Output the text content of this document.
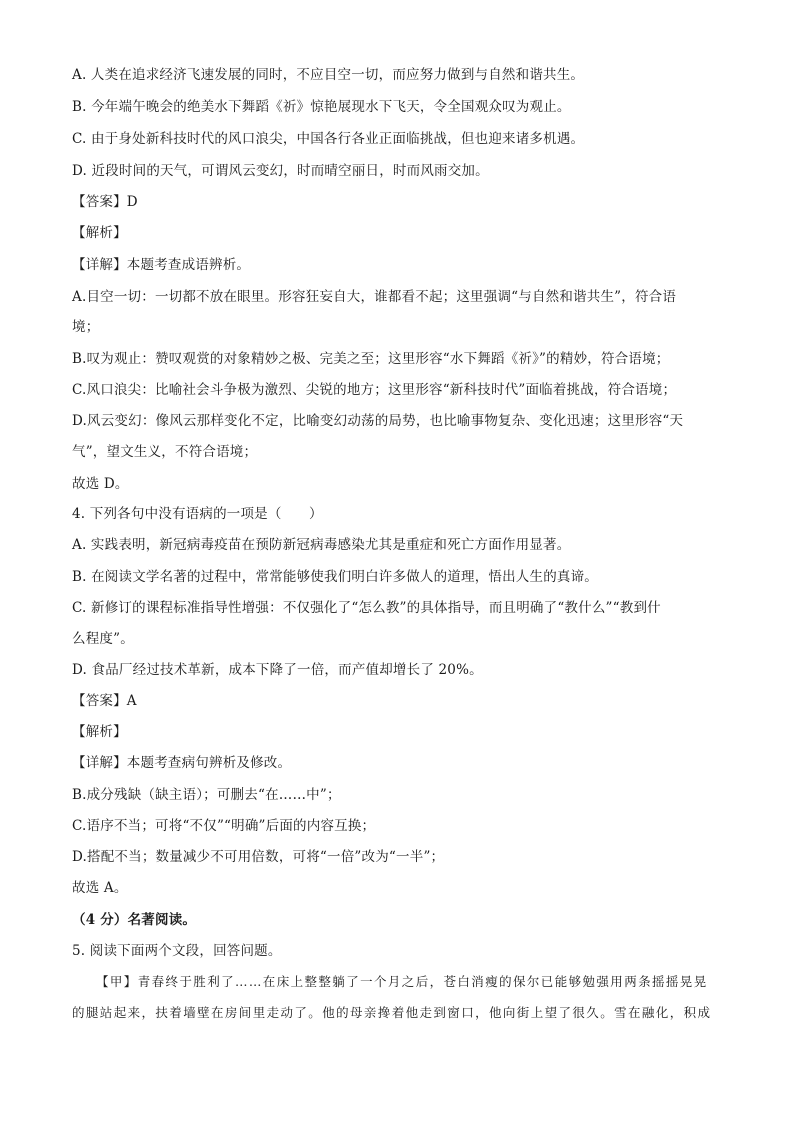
A. 人类在追求经济飞速发展的同时，不应目空一切，而应努力做到与自然和谐共生。
B. 今年端午晚会的绝美水下舞蹈《祈》惊艳展现水下飞天，令全国观众叹为观止。
C. 由于身处新科技时代的风口浪尖，中国各行各业正面临挑战，但也迎来诸多机遇。
D. 近段时间的天气，可谓风云变幻，时而晴空丽日，时而风雨交加。
【答案】D
【解析】
【详解】本题考查成语辨析。
A.目空一切：一切都不放在眼里。形容狂妄自大，谁都看不起；这里强调“与自然和谐共生”，符合语
境；
B.叹为观止：赞叹观赏的对象精妙之极、完美之至；这里形容“水下舞蹈《祈》”的精妙，符合语境；
C.风口浪尖：比喻社会斗争极为激烈、尖锐的地方；这里形容“新科技时代”面临着挑战，符合语境；
D.风云变幻：像风云那样变化不定，比喻变幻动荡的局势，也比喻事物复杂、变化迅速；这里形容“天
气”，望文生义，不符合语境；
故选 D。
4. 下列各句中没有语病的一项是（　　）
A. 实践表明，新冠病毒疫苗在预防新冠病毒感染尤其是重症和死亡方面作用显著。
B. 在阅读文学名著的过程中，常常能够使我们明白许多做人的道理，悟出人生的真谛。
C. 新修订的课程标准指导性增强：不仅强化了“怎么教”的具体指导，而且明确了“教什么”“教到什
么程度”。
D. 食品厂经过技术革新，成本下降了一倍，而产值却增长了 20%。
【答案】A
【解析】
【详解】本题考查病句辨析及修改。
B.成分残缺（缺主语）；可删去“在……中”；
C.语序不当；可将“不仅”“明确”后面的内容互换；
D.搭配不当；数量减少不可用倍数，可将“一倍”改为“一半”；
故选 A。
（4 分）名著阅读。
5. 阅读下面两个文段，回答问题。
【甲】青春终于胜利了……在床上整整躺了一个月之后，苍白消瘦的保尔已能够勉强用两条摇摇晃晃
的腿站起来，扶着墙壁在房间里走动了。他的母亲搀着他走到窗口，他向街上望了很久。雪在融化，积成
